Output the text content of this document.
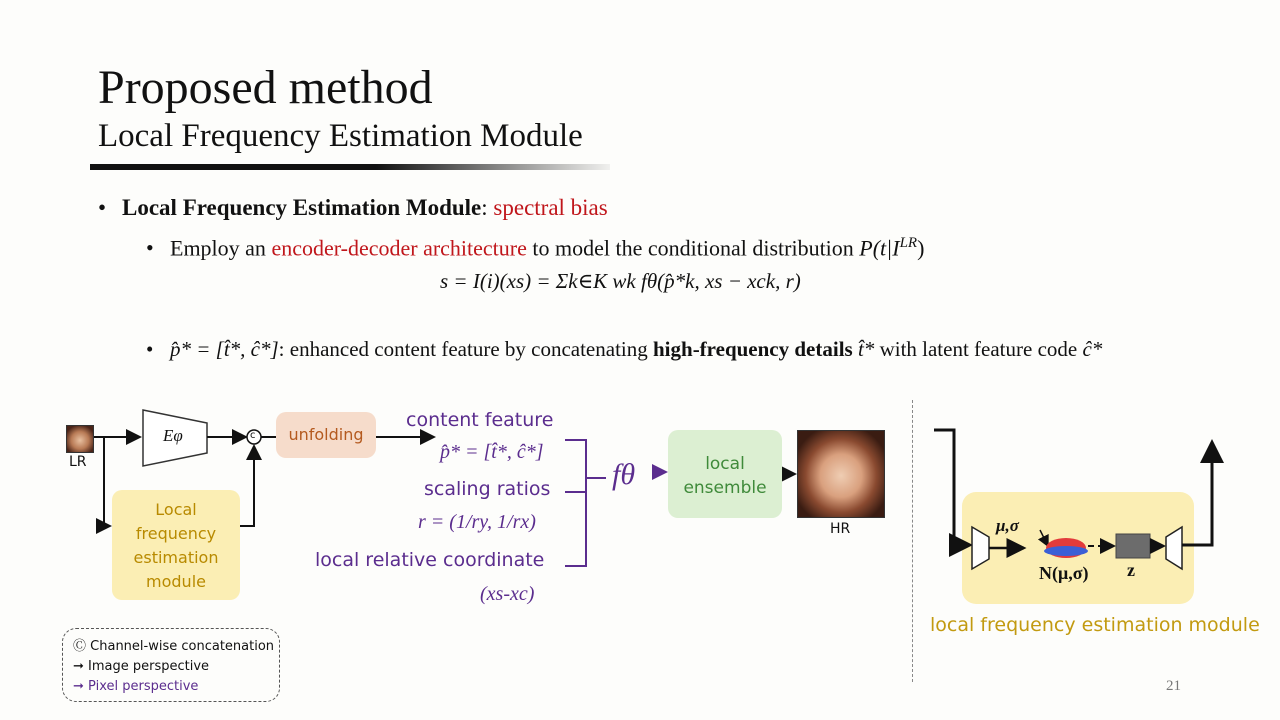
Proposed method
Local Frequency Estimation Module
• Local Frequency Estimation Module: spectral bias
• Employ an encoder-decoder architecture to model the conditional distribution $P(t|I^{LR})$
s = I(i)(xs) = Σk∈K wk fθ(p̂*k, xs − xck, r)
• p̂* = [t̂*, ĉ*]: enhanced content feature by concatenating high-frequency details t̂* with latent feature code ĉ*
LR
Eφ	c	unfolding
Local
frequency
estimation
module
content feature
p̂* = [t̂*, ĉ*]
scaling ratios
r = (1/ry, 1/rx)
local relative coordinate
(xs-xc)
fθ	local
ensemble
HR
Ⓒ Channel-wise concatenation
➞ Image perspective
➞ Pixel perspective
μ,σ
N(μ,σ) z
local frequency estimation module
21
